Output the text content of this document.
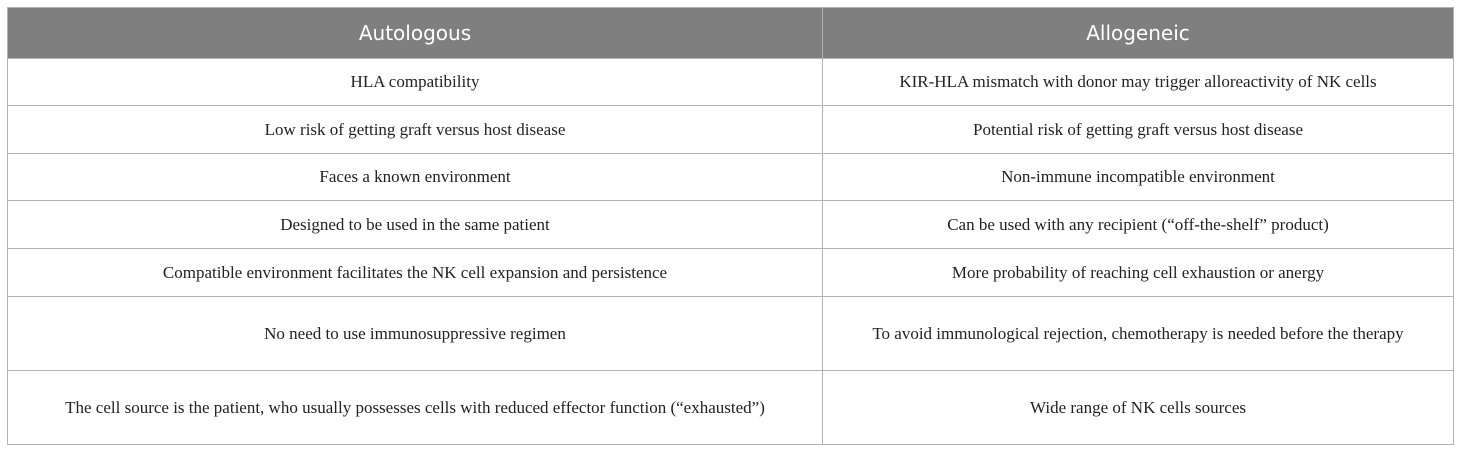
Autologous	Allogeneic
HLA compatibility	KIR-HLA mismatch with donor may trigger alloreactivity of NK cells
Low risk of getting graft versus host disease	Potential risk of getting graft versus host disease
Faces a known environment	Non-immune incompatible environment
Designed to be used in the same patient	Can be used with any recipient (“off-the-shelf” product)
Compatible environment facilitates the NK cell expansion and persistence	More probability of reaching cell exhaustion or anergy
No need to use immunosuppressive regimen	To avoid immunological rejection, chemotherapy is needed before the therapy
The cell source is the patient, who usually possesses cells with reduced effector function (“exhausted”)	Wide range of NK cells sources
